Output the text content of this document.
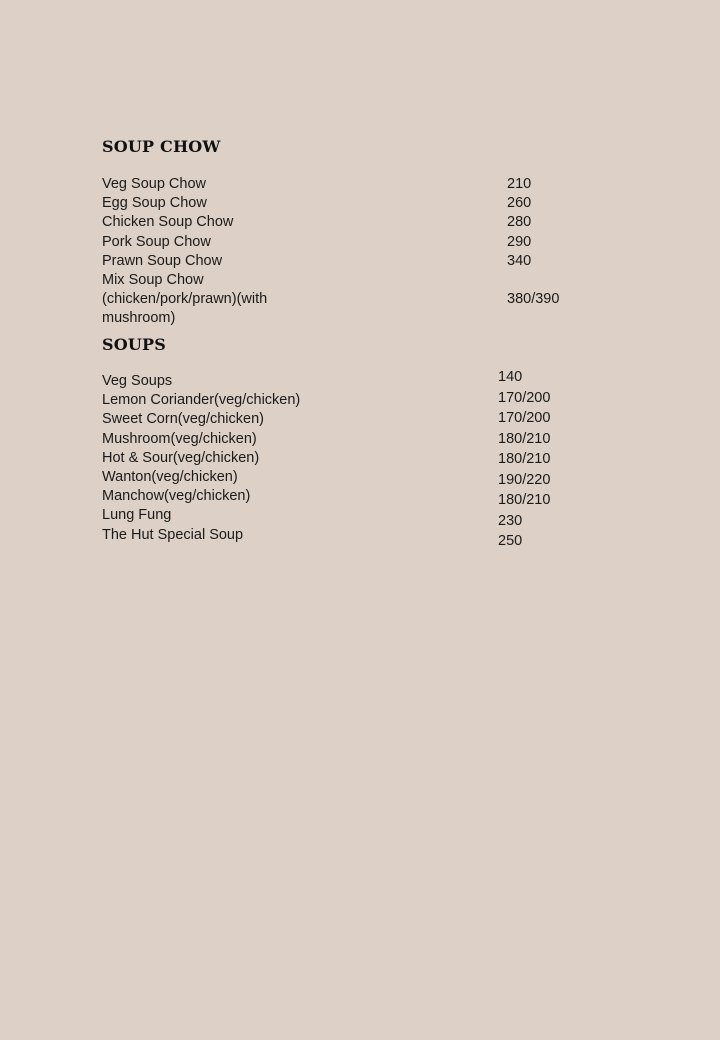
SOUP CHOW
Veg Soup Chow
Egg Soup Chow
Chicken Soup Chow
Pork Soup Chow
Prawn Soup Chow
210
260
280
290
340
Mix Soup Chow
(chicken/pork/prawn)(with
mushroom)
380/390
SOUPS
Veg Soups
Lemon Coriander(veg/chicken)
Sweet Corn(veg/chicken)
Mushroom(veg/chicken)
Hot & Sour(veg/chicken)
Wanton(veg/chicken)
Manchow(veg/chicken)
Lung Fung
The Hut Special Soup
140
170/200
170/200
180/210
180/210
190/220
180/210
230
250
